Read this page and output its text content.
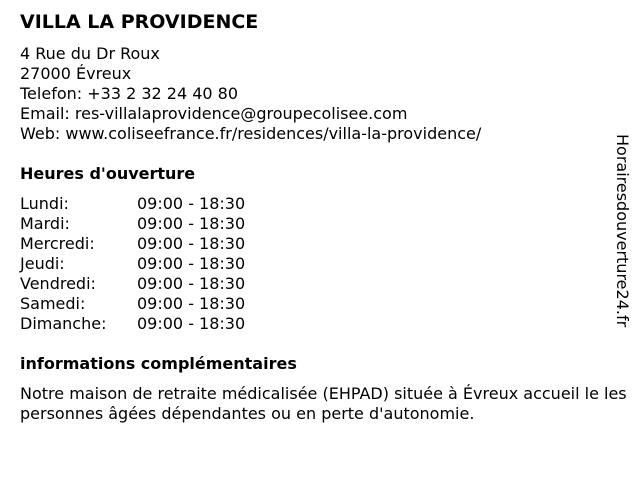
VILLA LA PROVIDENCE
4 Rue du Dr Roux
27000 Évreux
Telefon: +33 2 32 24 40 80
Email: res-villalaprovidence@groupecolisee.com
Web: www.coliseefrance.fr/residences/villa-la-providence/
Heures d'ouverture
Lundi:	09:00 - 18:30
Mardi:	09:00 - 18:30
Mercredi:	09:00 - 18:30
Jeudi:	09:00 - 18:30
Vendredi:	09:00 - 18:30
Samedi:	09:00 - 18:30
Dimanche:	09:00 - 18:30
informations complémentaires
Notre maison de retraite médicalisée (EHPAD) située à Évreux accueil le les personnes âgées dépendantes ou en perte d'autonomie.
Horairesdouverture24.fr
